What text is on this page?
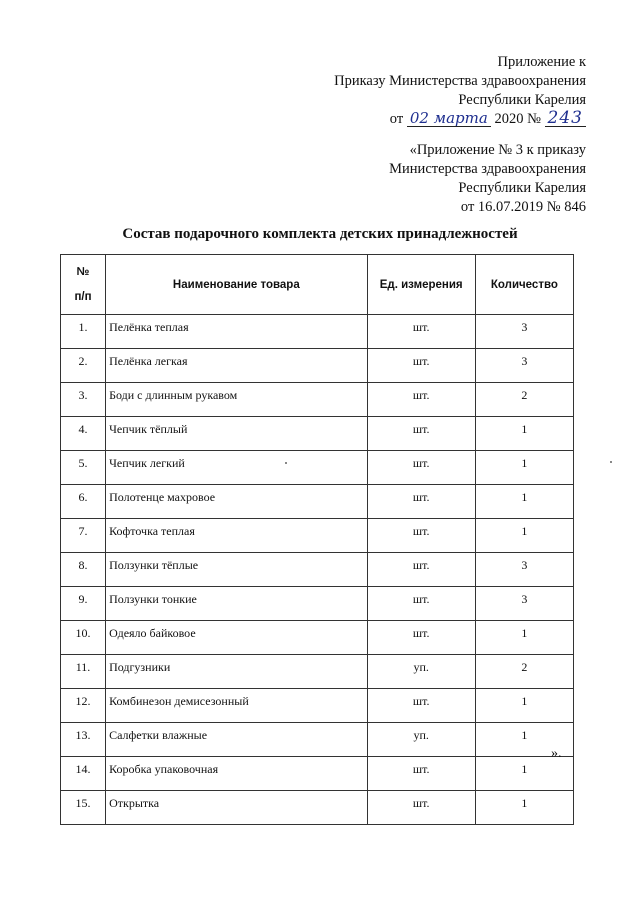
Приложение к
Приказу Министерства здравоохранения
Республики Карелия
от 02 марта 2020 № 243
«Приложение № 3 к приказу
Министерства здравоохранения
Республики Карелия
от 16.07.2019 № 846
Состав подарочного комплекта детских принадлежностей
№
п/п	Наименование товара	Ед. измерения	Количество
1.	Пелёнка теплая	шт.	3
2.	Пелёнка легкая	шт.	3
3.	Боди с длинным рукавом	шт.	2
4.	Чепчик тёплый	шт.	1
5.	Чепчик легкий	шт.	1
6.	Полотенце махровое	шт.	1
7.	Кофточка теплая	шт.	1
8.	Ползунки тёплые	шт.	3
9.	Ползунки тонкие	шт.	3
10.	Одеяло байковое	шт.	1
11.	Подгузники	уп.	2
12.	Комбинезон демисезонный	шт.	1
13.	Салфетки влажные	уп.	1
14.	Коробка упаковочная	шт.	1
15.	Открытка	шт.	1
».
